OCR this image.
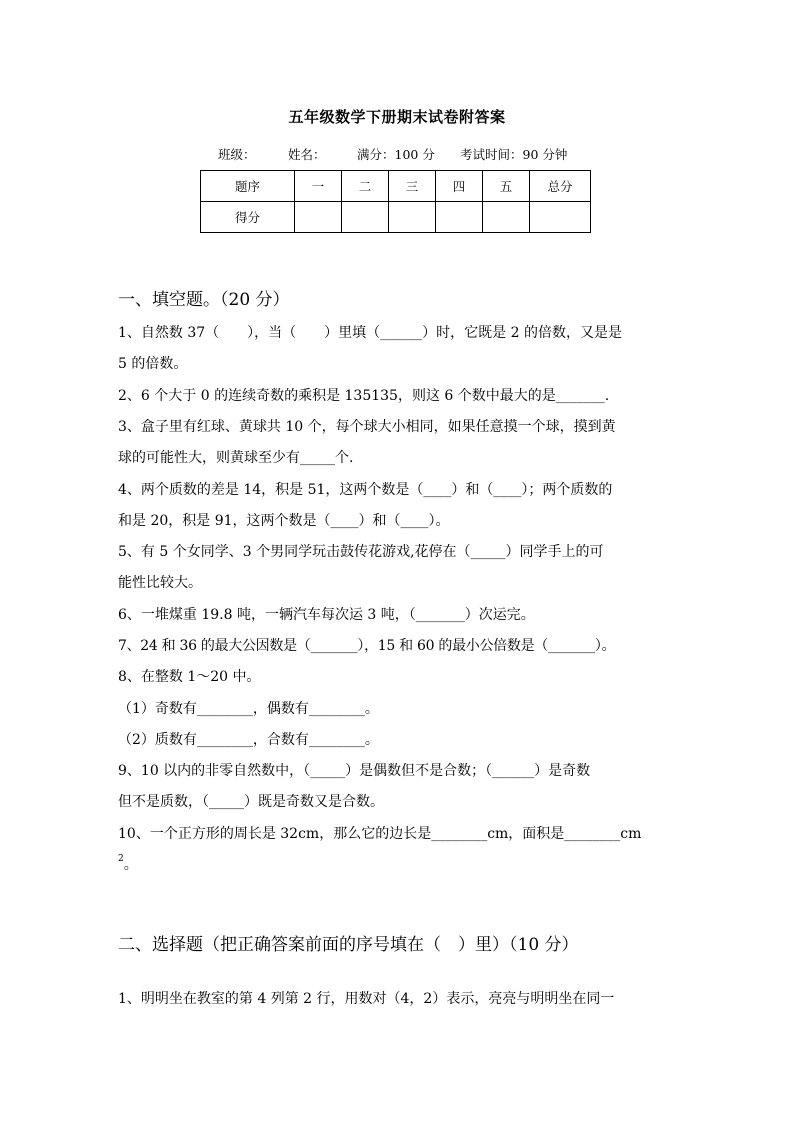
五年级数学下册期末试卷附答案
班级：	姓名：	满分：100 分 考试时间：90 分钟
题序	一	二	三	四	五	总分
得分						
一、填空题。（20 分）
1、自然数 37（　　），当（　　）里填（______）时，它既是 2 的倍数，又是是
5 的倍数。
2、6 个大于 0 的连续奇数的乘积是 135135，则这 6 个数中最大的是_______.
3、盒子里有红球、黄球共 10 个，每个球大小相同，如果任意摸一个球，摸到黄
球的可能性大，则黄球至少有_____个.
4、两个质数的差是 14，积是 51，这两个数是（____）和（____）；两个质数的
和是 20，积是 91，这两个数是（____）和（____）。
5、有 5 个女同学、3 个男同学玩击鼓传花游戏,花停在（_____）同学手上的可
能性比较大。
6、一堆煤重 19.8 吨，一辆汽车每次运 3 吨，（_______）次运完。
7、24 和 36 的最大公因数是（_______），15 和 60 的最小公倍数是（_______）。
8、在整数 1～20 中。
（1）奇数有________，偶数有________。
（2）质数有________，合数有________。
9、10 以内的非零自然数中，（_____）是偶数但不是合数；（______）是奇数
但不是质数，（_____）既是奇数又是合数。
10、一个正方形的周长是 32cm，那么它的边长是________cm，面积是________cm
$^2$。
二、选择题（把正确答案前面的序号填在（　）里）（10 分）
1、明明坐在教室的第 4 列第 2 行，用数对（4，2）表示，亮亮与明明坐在同一
